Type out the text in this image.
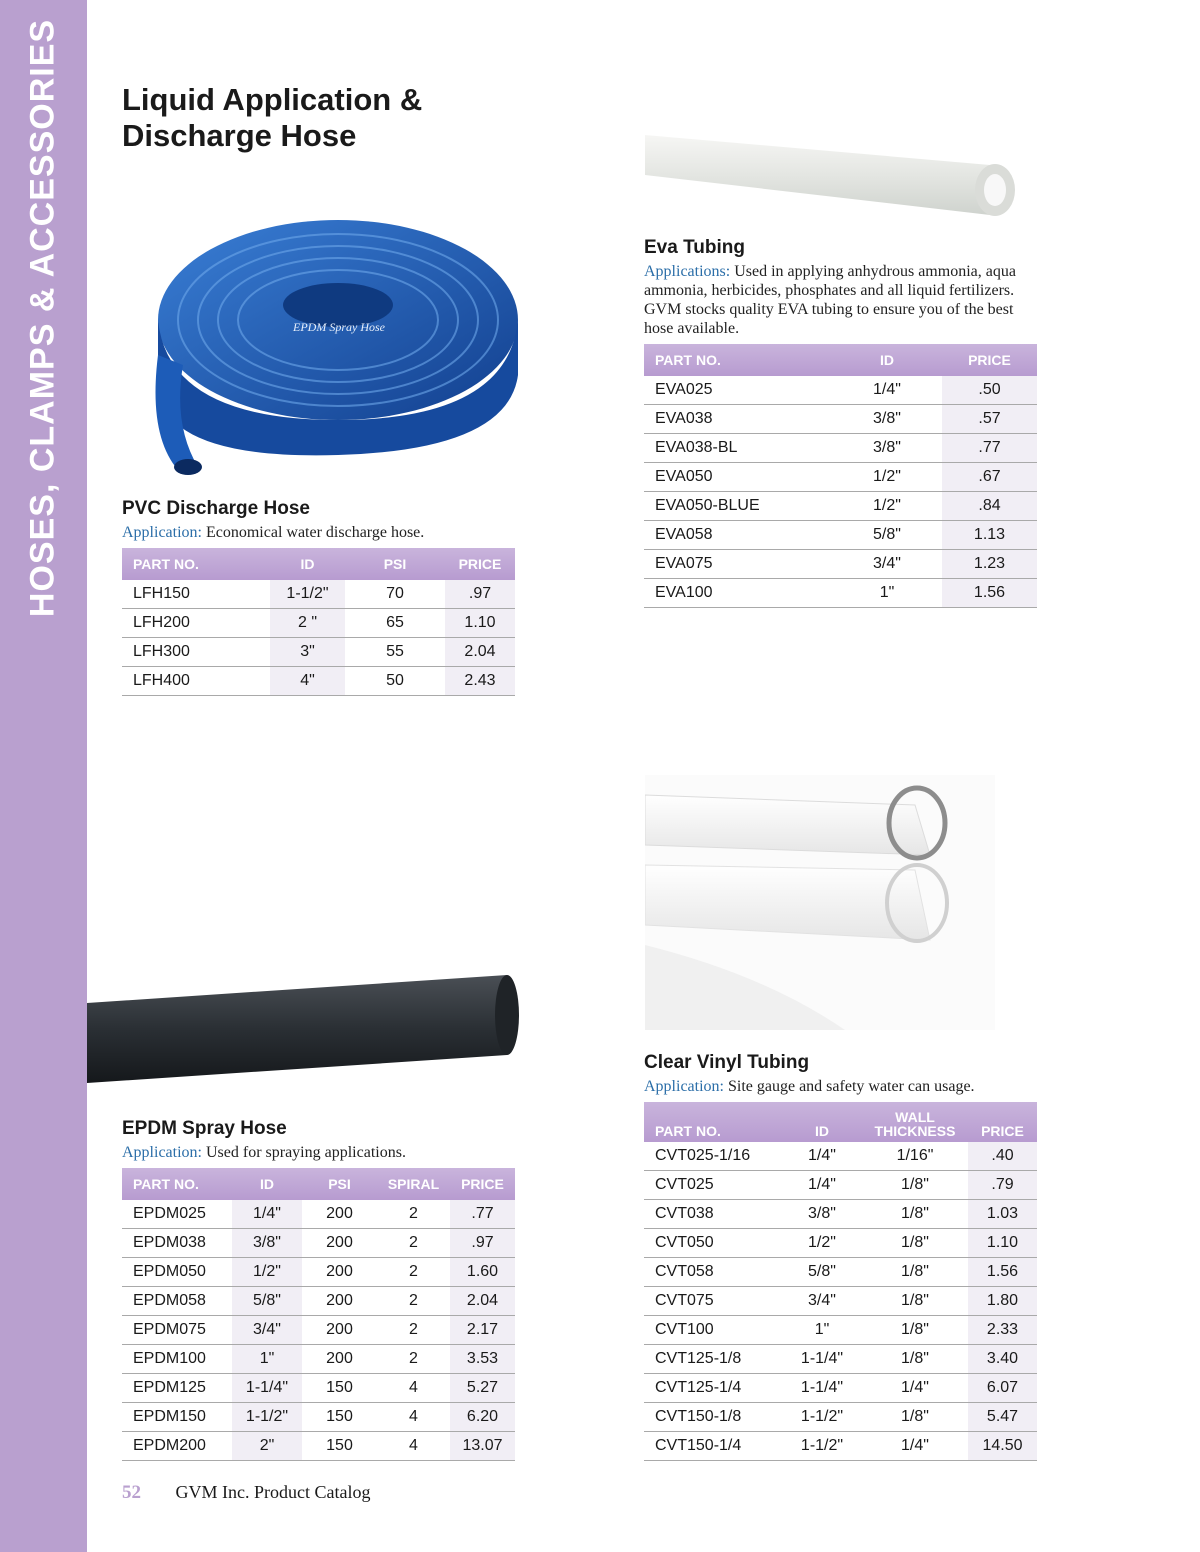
HOSES, CLAMPS & ACCESSORIES Liquid Application &
Discharge Hose
EPDM Spray Hose
PVC Discharge Hose

Application: Economical water discharge hose.

PART NO.	ID	PSI	PRICE
LFH150	1-1/2"	70	.97
LFH200	2 "	65	1.10
LFH300	3"	55	2.04
LFH400	4"	50	2.43
Eva Tubing

Applications: Used in applying anhydrous ammonia, aqua ammonia, herbicides, phosphates and all liquid fertilizers. GVM stocks quality EVA tubing to ensure you of the best hose available.

PART NO.	ID	PRICE
EVA025	1/4"	.50
EVA038	3/8"	.57
EVA038-BL	3/8"	.77
EVA050	1/2"	.67
EVA050-BLUE	1/2"	.84
EVA058	5/8"	1.13
EVA075	3/4"	1.23
EVA100	1"	1.56
EPDM Spray Hose

Application: Used for spraying applications.

PART NO.	ID	PSI	SPIRAL	PRICE
EPDM025	1/4"	200	2	.77
EPDM038	3/8"	200	2	.97
EPDM050	1/2"	200	2	1.60
EPDM058	5/8"	200	2	2.04
EPDM075	3/4"	200	2	2.17
EPDM100	1"	200	2	3.53
EPDM125	1-1/4"	150	4	5.27
EPDM150	1-1/2"	150	4	6.20
EPDM200	2"	150	4	13.07
Clear Vinyl Tubing

Application: Site gauge and safety water can usage.

PART NO.	ID	WALL THICKNESS	PRICE
CVT025-1/16	1/4"	1/16"	.40
CVT025	1/4"	1/8"	.79
CVT038	3/8"	1/8"	1.03
CVT050	1/2"	1/8"	1.10
CVT058	5/8"	1/8"	1.56
CVT075	3/4"	1/8"	1.80
CVT100	1"	1/8"	2.33
CVT125-1/8	1-1/4"	1/8"	3.40
CVT125-1/4	1-1/4"	1/4"	6.07
CVT150-1/8	1-1/2"	1/8"	5.47
CVT150-1/4	1-1/2"	1/4"	14.50
52 GVM Inc. Product Catalog
